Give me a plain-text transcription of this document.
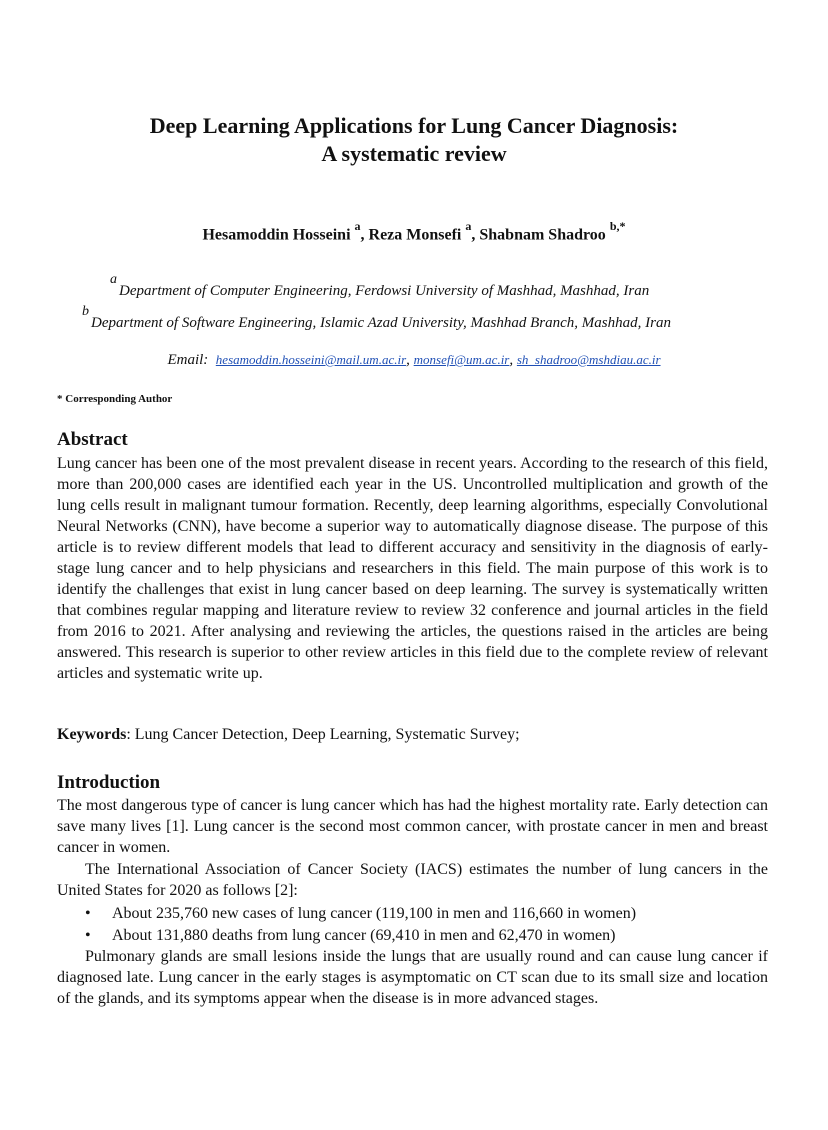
Deep Learning Applications for Lung Cancer Diagnosis:
A systematic review
Hesamoddin Hosseini $^a$, Reza Monsefi $^a$, Shabnam Shadroo $^{b,*}$
$^a$Department of Computer Engineering, Ferdowsi University of Mashhad, Mashhad, Iran
$^b$Department of Software Engineering, Islamic Azad University, Mashhad Branch, Mashhad, Iran
Email: hesamoddin.hosseini@mail.um.ac.ir, monsefi@um.ac.ir, sh_shadroo@mshdiau.ac.ir
* Corresponding Author
Abstract

Lung cancer has been one of the most prevalent disease in recent years. According to the research of this field, more than 200,000 cases are identified each year in the US. Uncontrolled multiplication and growth of the lung cells result in malignant tumour formation. Recently, deep learning algorithms, especially Convolutional Neural Networks (CNN), have become a superior way to automatically diagnose disease. The purpose of this article is to review different models that lead to different accuracy and sensitivity in the diagnosis of early-stage lung cancer and to help physicians and researchers in this field. The main purpose of this work is to identify the challenges that exist in lung cancer based on deep learning. The survey is systematically written that combines regular mapping and literature review to review 32 conference and journal articles in the field from 2016 to 2021. After analysing and reviewing the articles, the questions raised in the articles are being answered. This research is superior to other review articles in this field due to the complete review of relevant articles and systematic write up.

Keywords: Lung Cancer Detection, Deep Learning, Systematic Survey;
Introduction

The most dangerous type of cancer is lung cancer which has had the highest mortality rate. Early detection can save many lives [1]. Lung cancer is the second most common cancer, with prostate cancer in men and breast cancer in women.

The International Association of Cancer Society (IACS) estimates the number of lung cancers in the United States for 2020 as follows [2]:

• About 235,760 new cases of lung cancer (119,100 in men and 116,660 in women)
• About 131,880 deaths from lung cancer (69,410 in men and 62,470 in women)

Pulmonary glands are small lesions inside the lungs that are usually round and can cause lung cancer if diagnosed late. Lung cancer in the early stages is asymptomatic on CT scan due to its small size and location of the glands, and its symptoms appear when the disease is in more advanced stages.
